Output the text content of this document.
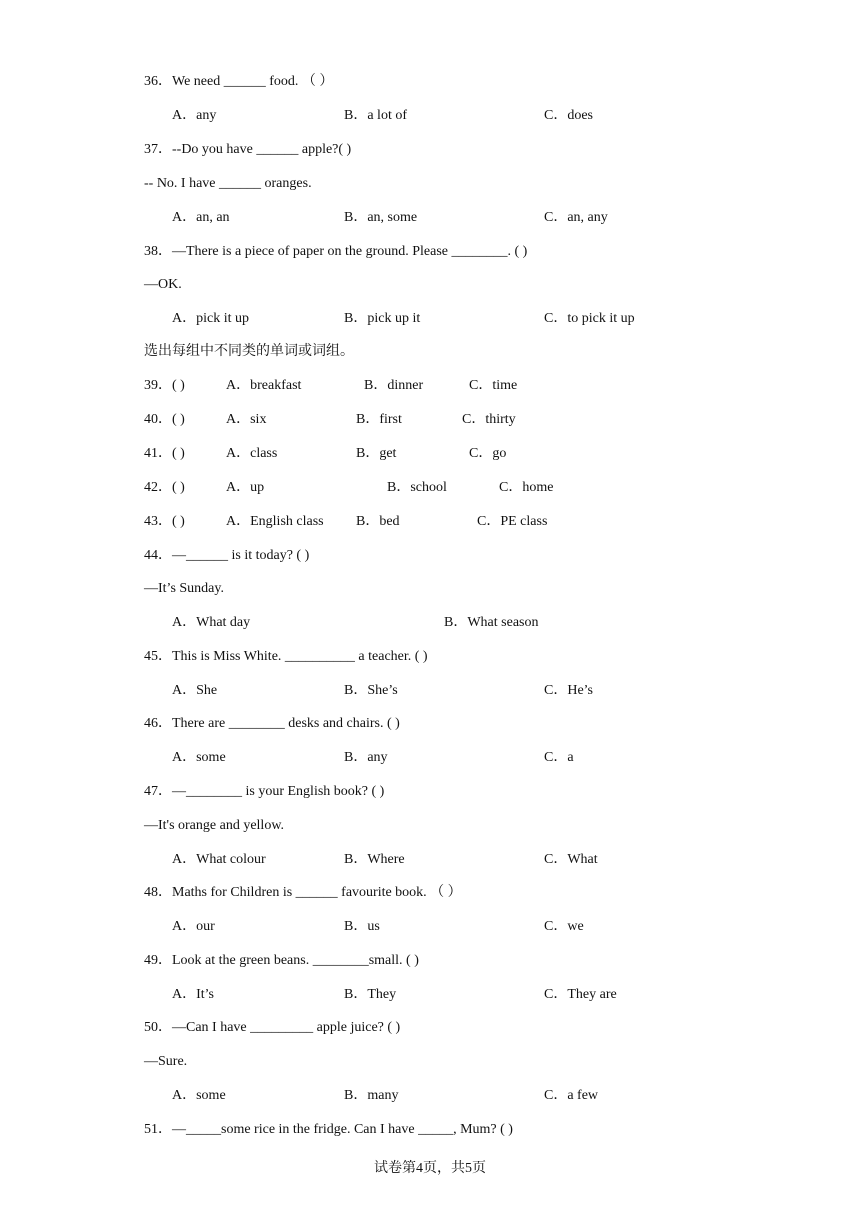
36．We need ______ food. （ ）
A．any	B．a lot of	C．does
37．--Do you have ______ apple?( )
-- No. I have ______ oranges.
A．an, an	B．an, some	C．an, any
38．—There is a piece of paper on the ground. Please ________. ( )
—OK.
A．pick it up	B．pick up it	C．to pick it up
选出每组中不同类的单词或词组。
39．( )	A．breakfast	B．dinner	C．time
40．( )	A．six	B．first	C．thirty
41．( )	A．class	B．get	C．go
42．( )	A．up	B．school	C．home
43．( )	A．English class B．bed	C．PE class
44．—______ is it today? ( )
—It’s Sunday.
A．What day	B．What season
45．This is Miss White. __________ a teacher. ( )
A．She	B．She’s	C．He’s
46．There are ________ desks and chairs. ( )
A．some	B．any	C．a
47．—________ is your English book? ( )
—It's orange and yellow.
A．What colour	B．Where	C．What
48．Maths for Children is ______ favourite book. （ ）
A．our	B．us	C．we
49．Look at the green beans. ________small. ( )
A．It’s	B．They	C．They are
50．—Can I have _________ apple juice? ( )
—Sure.
A．some	B．many	C．a few
51．—_____some rice in the fridge. Can I have _____, Mum? ( )
试卷第4页，共5页
